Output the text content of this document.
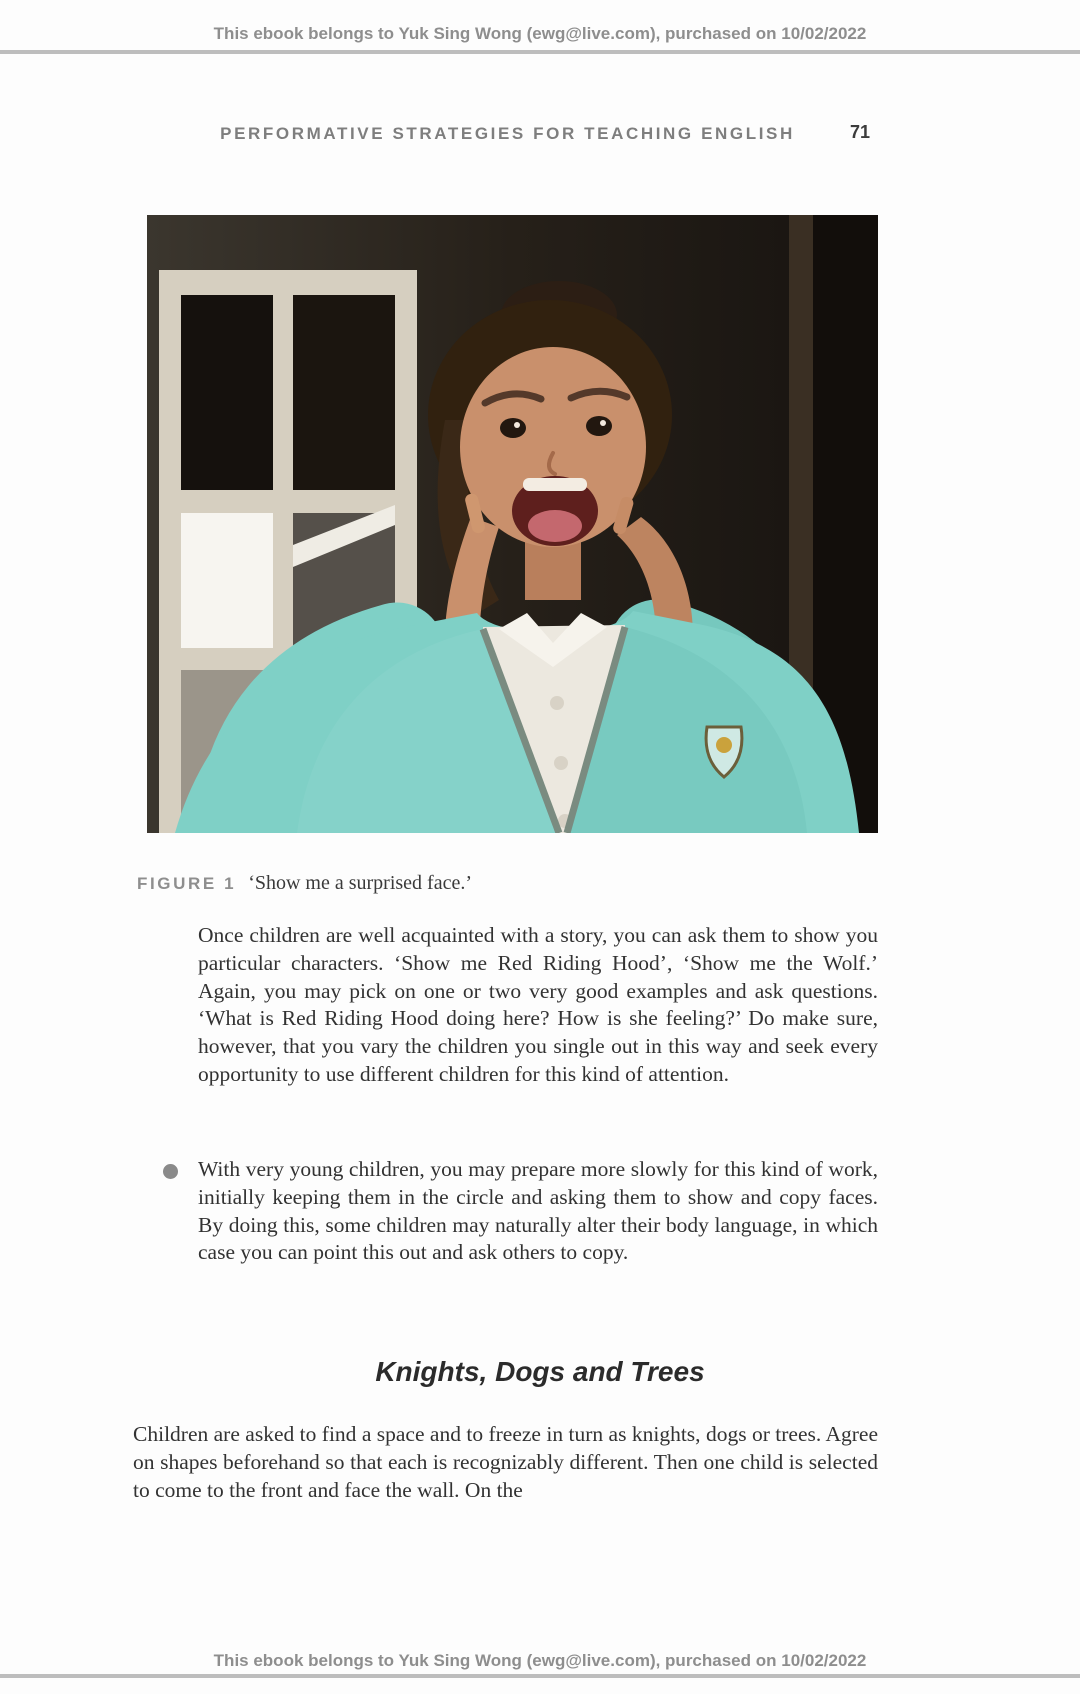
This ebook belongs to Yuk Sing Wong (ewg@live.com), purchased on 10/02/2022
PERFORMATIVE STRATEGIES FOR TEACHING ENGLISH	71
FIGURE 1 ‘Show me a surprised face.’

Once children are well acquainted with a story, you can ask them to show you particular characters. ‘Show me Red Riding Hood’, ‘Show me the Wolf.’ Again, you may pick on one or two very good examples and ask questions. ‘What is Red Riding Hood doing here? How is she feeling?’ Do make sure, however, that you vary the children you single out in this way and seek every opportunity to use different children for this kind of attention.

With very young children, you may prepare more slowly for this kind of work, initially keeping them in the circle and asking them to show and copy faces. By doing this, some children may naturally alter their body language, in which case you can point this out and ask others to copy.

Knights, Dogs and Trees

Children are asked to find a space and to freeze in turn as knights, dogs or trees. Agree on shapes beforehand so that each is recognizably different. Then one child is selected to come to the front and face the wall. On the

This ebook belongs to Yuk Sing Wong (ewg@live.com), purchased on 10/02/2022
